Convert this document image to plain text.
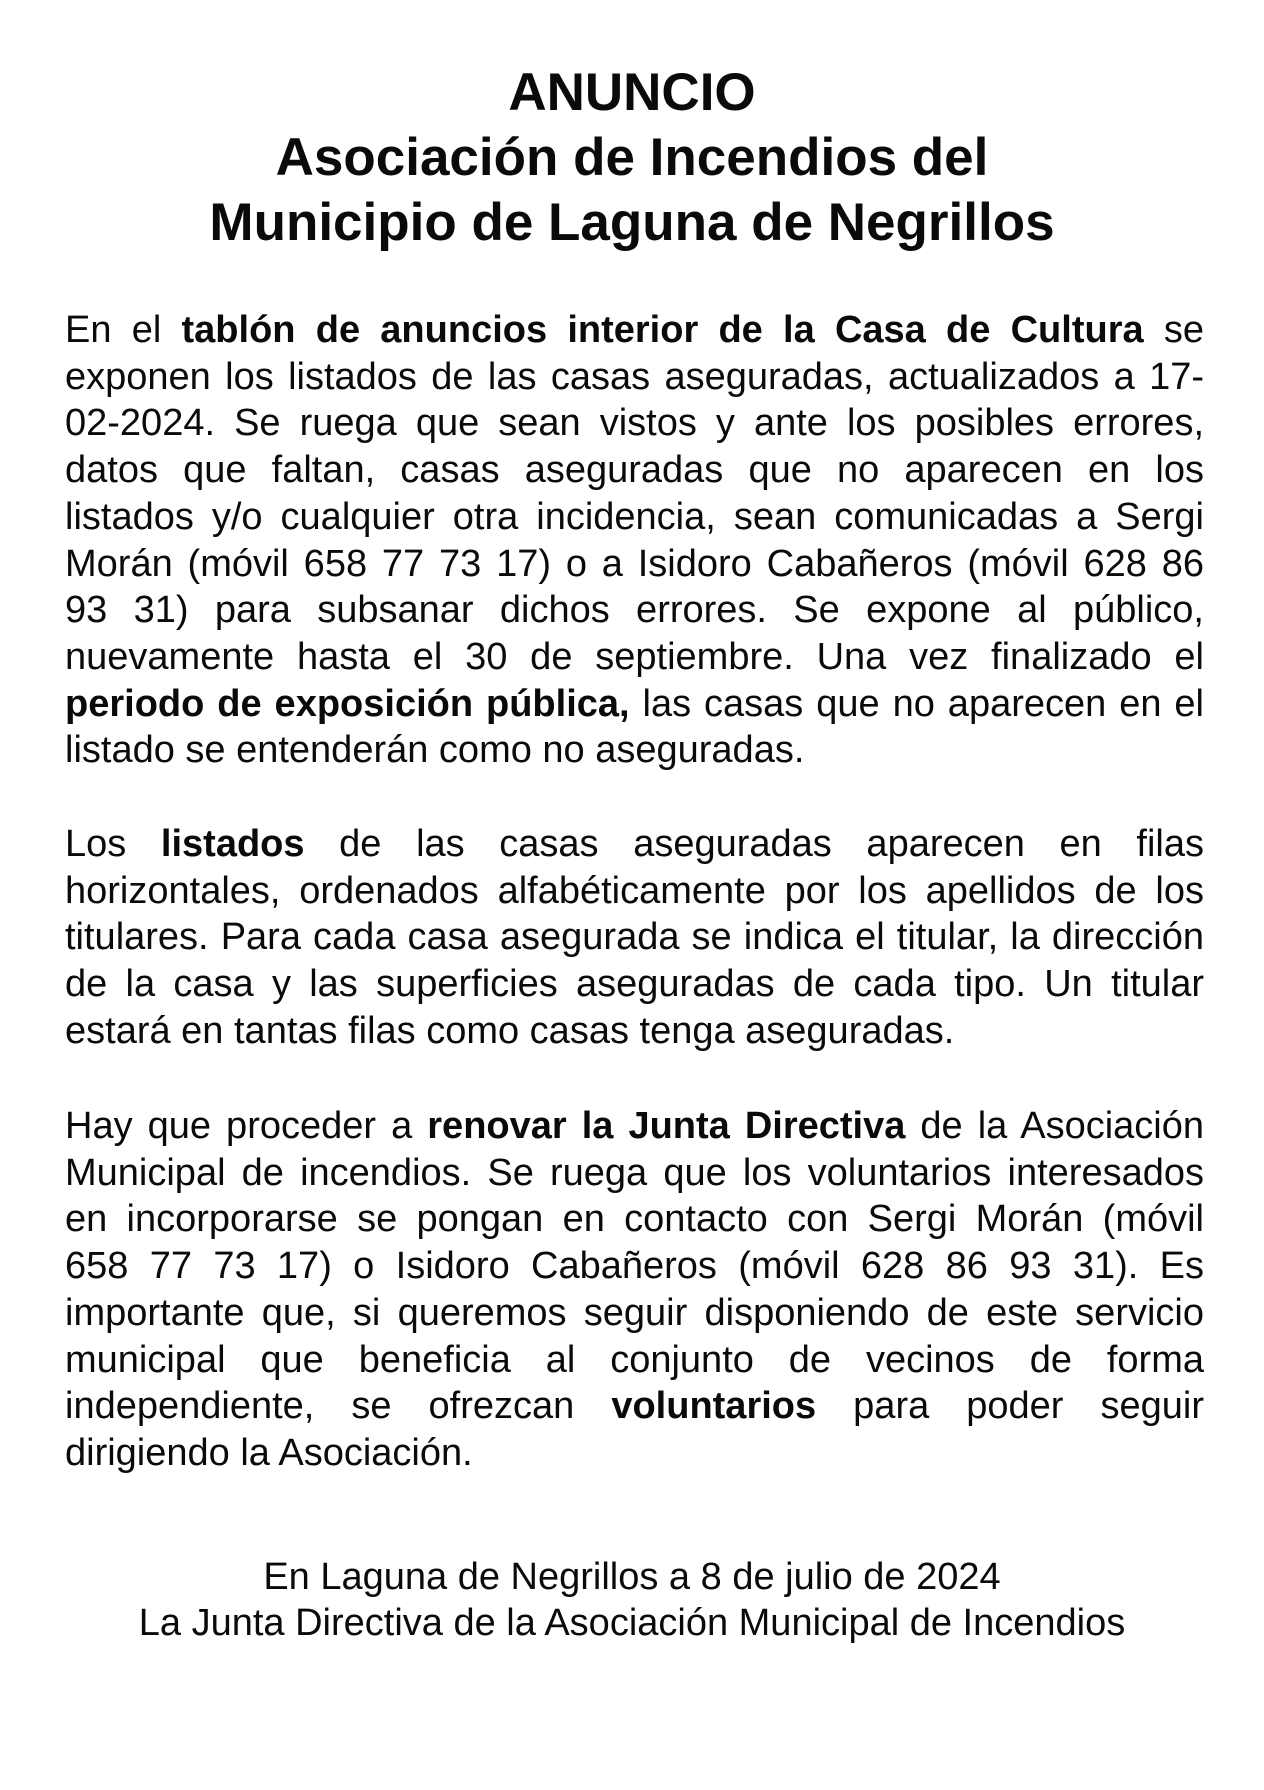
ANUNCIO
Asociación de Incendios del
Municipio de Laguna de Negrillos
En el tablón de anuncios interior de la Casa de Cultura se
exponen los listados de las casas aseguradas, actualizados a 17-
02-2024. Se ruega que sean vistos y ante los posibles errores,
datos que faltan, casas aseguradas que no aparecen en los
listados y/o cualquier otra incidencia, sean comunicadas a Sergi
Morán (móvil 658 77 73 17) o a Isidoro Cabañeros (móvil 628 86
93 31) para subsanar dichos errores. Se expone al público,
nuevamente hasta el 30 de septiembre. Una vez finalizado el
periodo de exposición pública, las casas que no aparecen en el
listado se entenderán como no aseguradas.
Los listados de las casas aseguradas aparecen en filas
horizontales, ordenados alfabéticamente por los apellidos de los
titulares. Para cada casa asegurada se indica el titular, la dirección
de la casa y las superficies aseguradas de cada tipo. Un titular
estará en tantas filas como casas tenga aseguradas.
Hay que proceder a renovar la Junta Directiva de la Asociación
Municipal de incendios. Se ruega que los voluntarios interesados
en incorporarse se pongan en contacto con Sergi Morán (móvil
658 77 73 17) o Isidoro Cabañeros (móvil 628 86 93 31). Es
importante que, si queremos seguir disponiendo de este servicio
municipal que beneficia al conjunto de vecinos de forma
independiente, se ofrezcan voluntarios para poder seguir
dirigiendo la Asociación.
En Laguna de Negrillos a 8 de julio de 2024
La Junta Directiva de la Asociación Municipal de Incendios
